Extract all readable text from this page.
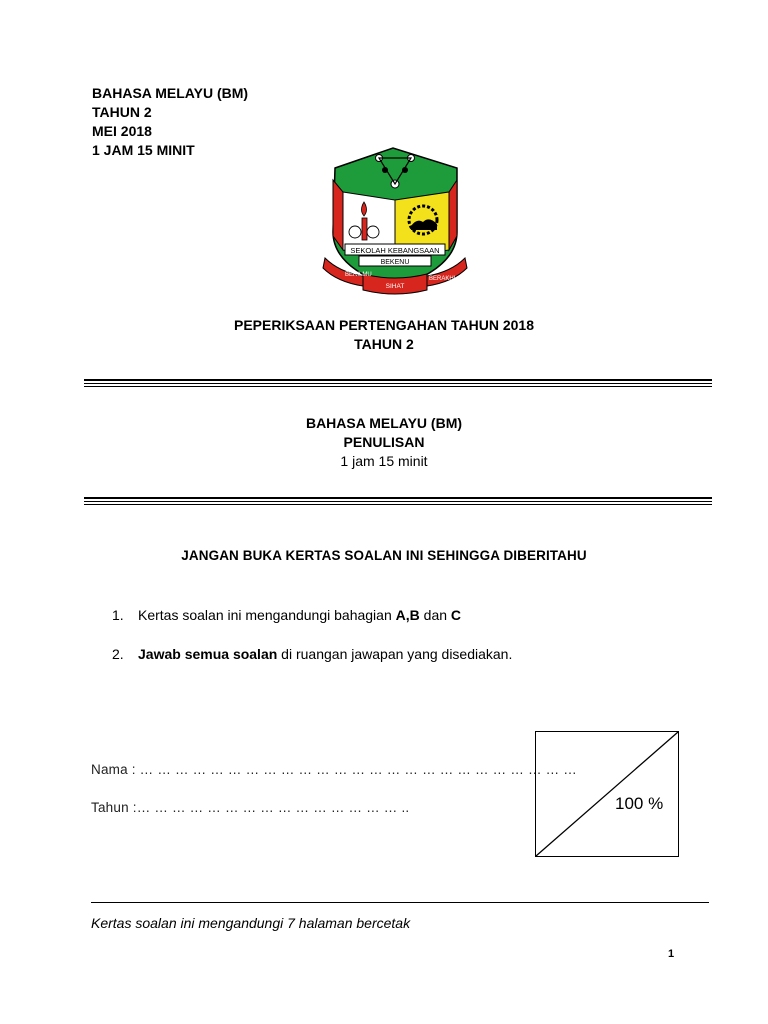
BAHASA MELAYU (BM)

TAHUN 2

MEI 2018

1 JAM 15 MINIT

SEKOLAH KEBANGSAAN
BEKENU
BERILMU
SIHAT
BERAKHLAK
PEPERIKSAAN PERTENGAHAN TAHUN 2018
TAHUN 2
BAHASA MELAYU (BM)
PENULISAN
1 jam 15 minit
JANGAN BUKA KERTAS SOALAN INI SEHINGGA DIBERITAHU
1. Kertas soalan ini mengandungi bahagian A,B dan C
2. Jawab semua soalan di ruangan jawapan yang disediakan.
Nama : … … … … … … … … … … … … … … … … … … … … … … … … …
Tahun :… … … … … … … … … … … … … … … ..	100 %
Kertas soalan ini mengandungi 7 halaman bercetak
1
